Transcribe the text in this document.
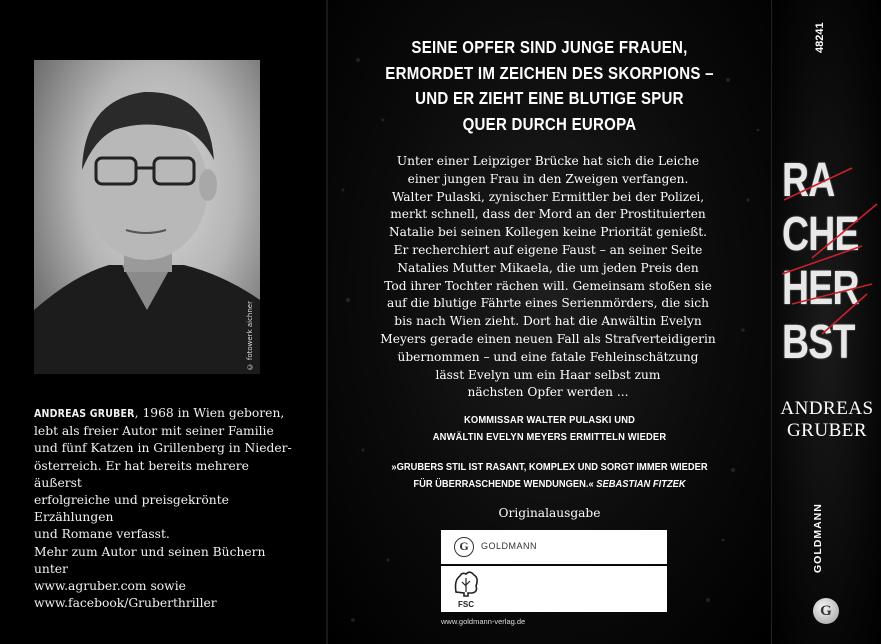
© fotowerk aichner
ANDREAS GRUBER, 1968 in Wien geboren,
lebt als freier Autor mit seiner Familie
und fünf Katzen in Grillenberg in Nieder-
österreich. Er hat bereits mehrere äußerst
erfolgreiche und preisgekrönte Erzählungen
und Romane verfasst.
Mehr zum Autor und seinen Büchern unter
www.agruber.com sowie
www.facebook/Gruberthriller
SEINE OPFER SIND JUNGE FRAUEN,
ERMORDET IM ZEICHEN DES SKORPIONS –
UND ER ZIEHT EINE BLUTIGE SPUR
QUER DURCH EUROPA
Unter einer Leipziger Brücke hat sich die Leiche
einer jungen Frau in den Zweigen verfangen.
Walter Pulaski, zynischer Ermittler bei der Polizei,
merkt schnell, dass der Mord an der Prostituierten
Natalie bei seinen Kollegen keine Priorität genießt.
Er recherchiert auf eigene Faust – an seiner Seite
Natalies Mutter Mikaela, die um jeden Preis den
Tod ihrer Tochter rächen will. Gemeinsam stoßen sie
auf die blutige Fährte eines Serienmörders, die sich
bis nach Wien zieht. Dort hat die Anwältin Evelyn
Meyers gerade einen neuen Fall als Strafverteidigerin
übernommen – und eine fatale Fehleinschätzung
lässt Evelyn um ein Haar selbst zum
nächsten Opfer werden ...
KOMMISSAR WALTER PULASKI UND
ANWÄLTIN EVELYN MEYERS ERMITTELN WIEDER
»GRUBERS STIL IST RASANT, KOMPLEX UND SORGT IMMER WIEDER
FÜR ÜBERRASCHENDE WENDUNGEN.« SEBASTIAN FITZEK
Originalausgabe
G	GOLDMANN
FSC
www.goldmann-verlag.de
48241
RA
CHE
HER
BST
ANDREAS
GRUBER
GOLDMANN
G
